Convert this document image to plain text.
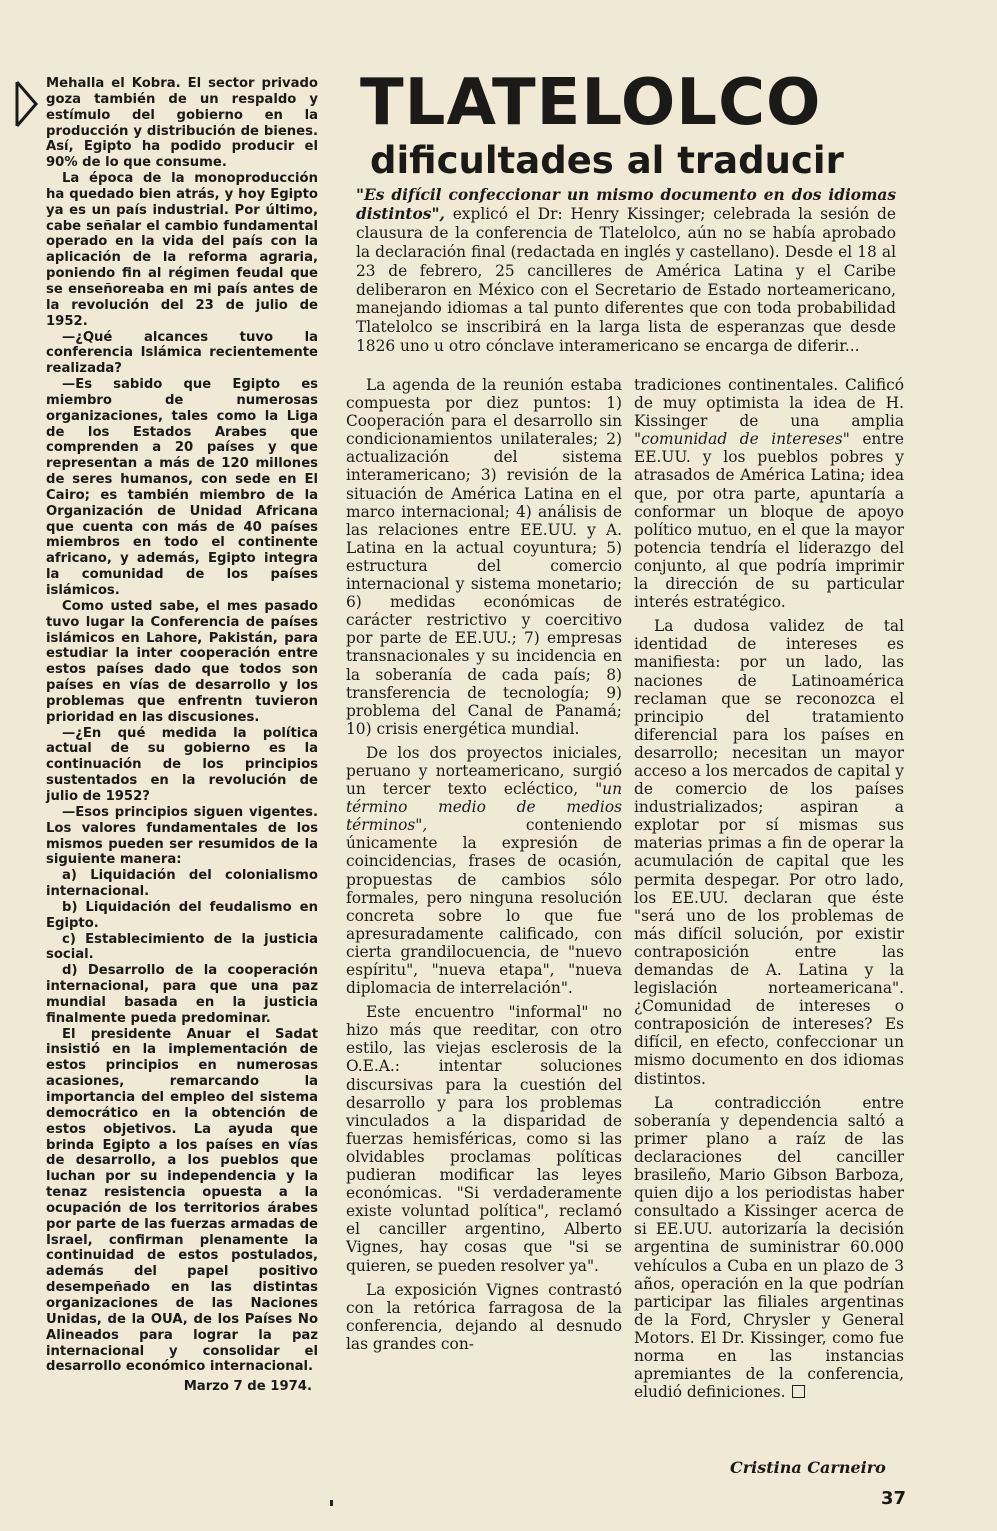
Mehalla el Kobra. El sector privado goza también de un respaldo y estímulo del gobierno en la producción y distribución de bienes. Así, Egipto ha podido producir el 90% de lo que consume.

La época de la monoproducción ha quedado bien atrás, y hoy Egipto ya es un país industrial. Por último, cabe señalar el cambio fundamental operado en la vida del país con la aplicación de la reforma agraria, poniendo fin al régimen feudal que se enseñoreaba en mi país antes de la revolución del 23 de julio de 1952.

—¿Qué alcances tuvo la conferencia Islámica recientemente realizada?

—Es sabido que Egipto es miembro de numerosas organizaciones, tales como la Liga de los Estados Arabes que comprenden a 20 países y que representan a más de 120 millones de seres humanos, con sede en El Cairo; es también miembro de la Organización de Unidad Africana que cuenta con más de 40 países miembros en todo el continente africano, y además, Egipto integra la comunidad de los países islámicos.

Como usted sabe, el mes pasado tuvo lugar la Conferencia de países islámicos en Lahore, Pakistán, para estudiar la inter cooperación entre estos países dado que todos son países en vías de desarrollo y los problemas que enfrentn tuvieron prioridad en las discusiones.

—¿En qué medida la política actual de su gobierno es la continuación de los principios sustentados en la revolución de julio de 1952?

—Esos principios siguen vigentes. Los valores fundamentales de los mismos pueden ser resumidos de la siguiente manera:

a) Liquidación del colonialismo internacional.

b) Liquidación del feudalismo en Egipto.

c) Establecimiento de la justicia social.

d) Desarrollo de la cooperación internacional, para que una paz mundial basada en la justicia finalmente pueda predominar.

El presidente Anuar el Sadat insistió en la implementación de estos principios en numerosas acasiones, remarcando la importancia del empleo del sistema democrático en la obtención de estos objetivos. La ayuda que brinda Egipto a los países en vías de desarrollo, a los pueblos que luchan por su independencia y la tenaz resistencia opuesta a la ocupación de los territorios árabes por parte de las fuerzas armadas de Israel, confirman plenamente la continuidad de estos postulados, además del papel positivo desempeñado en las distintas organizaciones de las Naciones Unidas, de la OUA, de los Países No Alineados para lograr la paz internacional y consolidar el desarrollo económico internacional.

Marzo 7 de 1974.
TLATELOLCO
dificultades al traducir

"Es difícil confeccionar un mismo documento en dos idiomas distintos", explicó el Dr: Henry Kissinger; celebrada la sesión de clausura de la conferencia de Tlatelolco, aún no se había aprobado la declaración final (redactada en inglés y castellano). Desde el 18 al 23 de febrero, 25 cancilleres de América Latina y el Caribe deliberaron en México con el Secretario de Estado norteamericano, manejando idiomas a tal punto diferentes que con toda probabilidad Tlatelolco se inscribirá en la larga lista de esperanzas que desde 1826 uno u otro cónclave interamericano se encarga de diferir...

La agenda de la reunión estaba compuesta por diez puntos: 1) Cooperación para el desarrollo sin condicionamientos unilaterales; 2) actualización del sistema interamericano; 3) revisión de la situación de América Latina en el marco internacional; 4) análisis de las relaciones entre EE.UU. y A. Latina en la actual coyuntura; 5) estructura del comercio internacional y sistema monetario; 6) medidas económicas de carácter restrictivo y coercitivo por parte de EE.UU.; 7) empresas transnacionales y su incidencia en la soberanía de cada país; 8) transferencia de tecnología; 9) problema del Canal de Panamá; 10) crisis energética mundial.

De los dos proyectos iniciales, peruano y norteamericano, surgió un tercer texto ecléctico, "un término medio de medios términos",	conteniendo únicamente la expresión de coincidencias, frases de ocasión, propuestas de cambios sólo formales, pero ninguna resolución concreta sobre lo que fue apresuradamente calificado, con cierta grandilocuencia, de "nuevo espíritu", "nueva etapa", "nueva diplomacia de interrelación".

Este encuentro "informal" no hizo más que reeditar, con otro estilo, las viejas esclerosis de la O.E.A.: intentar soluciones discursivas para la cuestión del desarrollo y para los problemas vinculados a la disparidad de fuerzas hemisféricas, como si las olvidables proclamas políticas pudieran modificar las leyes económicas. "Si verdaderamente existe voluntad política", reclamó el canciller argentino, Alberto Vignes, hay cosas que "si se quieren, se pueden resolver ya".

La exposición Vignes contrastó con la retórica farragosa de la conferencia, dejando al desnudo las grandes con-

tradiciones continentales. Calificó de muy optimista la idea de H. Kissinger de una amplia "comunidad de intereses" entre EE.UU. y los pueblos pobres y atrasados de América Latina; idea que, por otra parte, apuntaría a conformar un bloque de apoyo político mutuo, en el que la mayor potencia tendría el liderazgo del conjunto, al que podría imprimir la dirección de su particular interés estratégico.

La dudosa validez de tal identidad de intereses es manifiesta: por un lado, las naciones de Latinoamérica reclaman que se reconozca el principio del tratamiento diferencial para los países en desarrollo; necesitan un mayor acceso a los mercados de capital y de comercio de los países industrializados; aspiran a explotar por sí mismas sus materias primas a fin de operar la acumulación de capital que les permita despegar. Por otro lado, los EE.UU. declaran que éste "será uno de los problemas de más difícil solución, por existir contraposición entre las demandas de A. Latina y la legislación norteamericana". ¿Comunidad de intereses o contraposición de intereses? Es difícil, en efecto, confeccionar un mismo documento en dos idiomas distintos.

La contradicción entre soberanía y dependencia saltó a primer plano a raíz de las declaraciones del canciller brasileño, Mario Gibson Barboza, quien dijo a los periodistas haber consultado a Kissinger acerca de si EE.UU. autorizaría la decisión argentina de suministrar 60.000 vehículos a Cuba en un plazo de 3 años, operación en la que podrían participar las filiales argentinas de la Ford, Chrysler y General Motors. El Dr. Kissinger, como fue norma en las instancias apremiantes de la conferencia, eludió definiciones.

Cristina Carneiro
37
